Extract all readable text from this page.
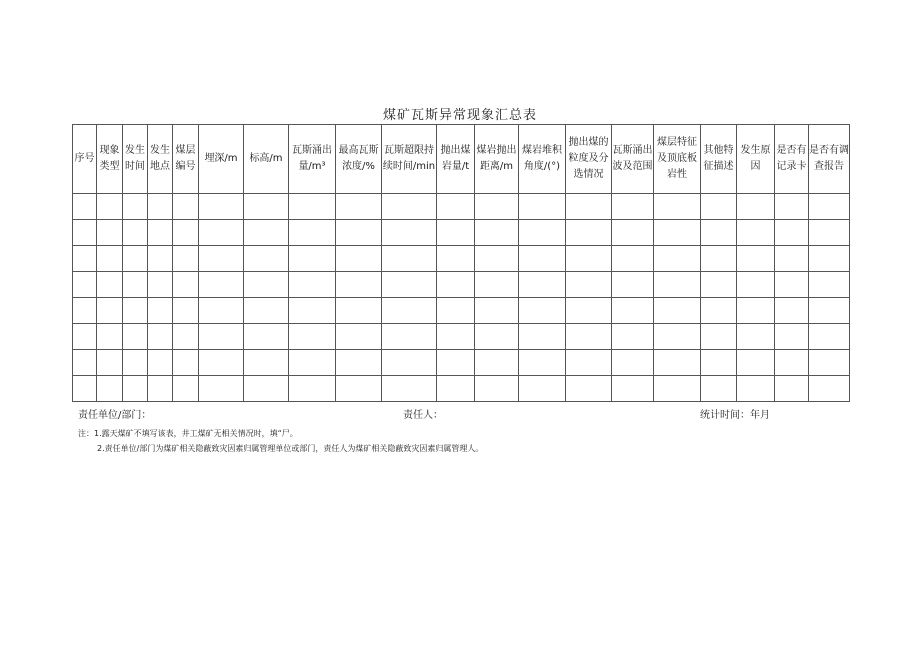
煤矿瓦斯异常现象汇总表
序号	现象类型	发生时间	发生地点	煤层编号	埋深/m	标高/m	瓦斯涌出量/m³	最高瓦斯浓度/%	瓦斯超限持续时间/min	抛出煤岩量/t	煤岩抛出距离/m	煤岩堆积角度/(°)	抛出煤的粒度及分选情况	瓦斯涌出波及范围	煤层特征及顶底板岩性	其他特征描述	发生原因	是否有记录卡	是否有调查报告

责任单位/部门：	责任人：	统计时间：年月
注：1.露天煤矿不填写该表，井工煤矿无相关情况时，填“尸。
2.责任单位/部门为煤矿相关隐蔽致灾因素归属管理单位或部门，责任人为煤矿相关隐蔽致灾因素归属管理人。
